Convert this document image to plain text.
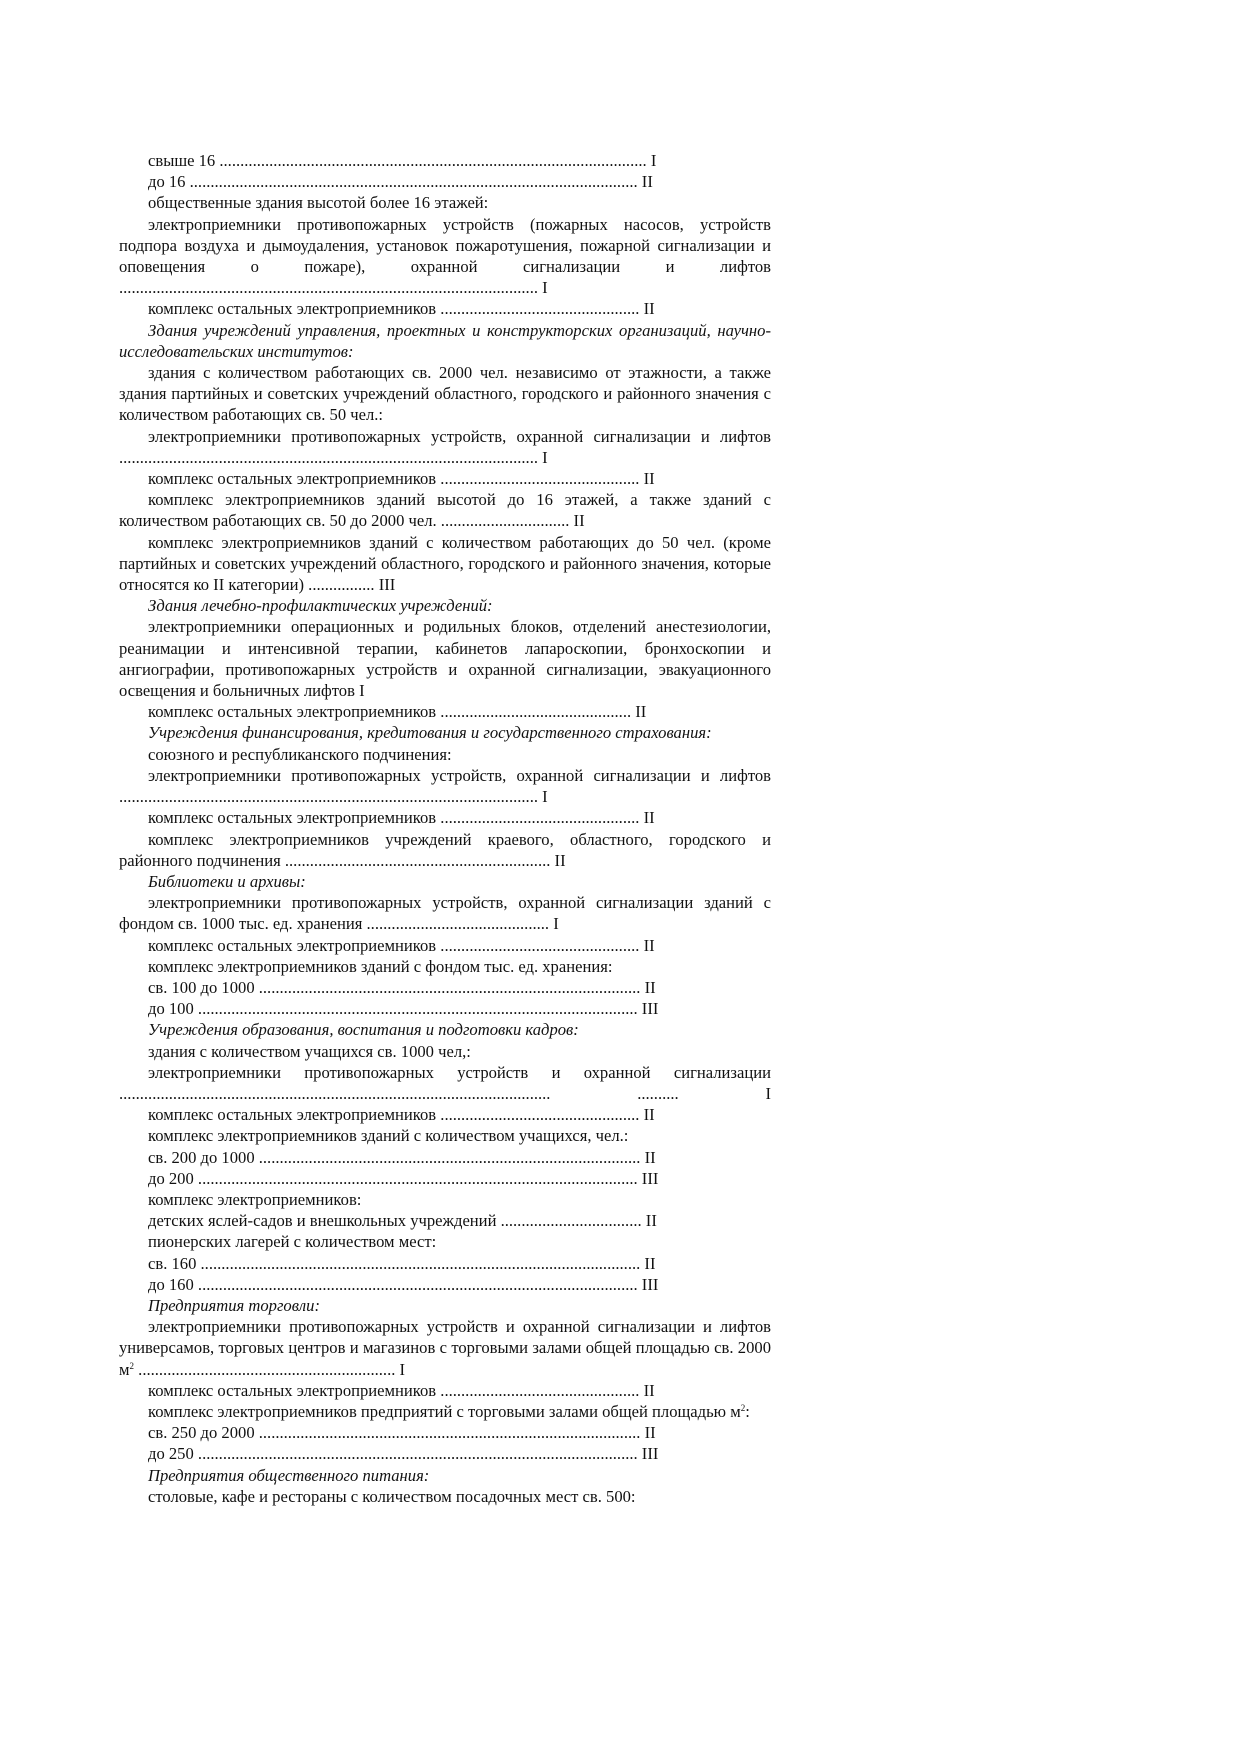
свыше 16 ....................................................................................................... I

до 16 ............................................................................................................ II

общественные здания высотой более 16 этажей:

электроприемники противопожарных устройств (пожарных насосов, устройств подпора воздуха и дымоудаления, установок пожаротушения, пожарной сигнализации и оповещения о пожаре), охранной сигнализации и лифтов ..................................................................................................... I

комплекс остальных электроприемников ................................................ II

Здания учреждений управления, проектных и конструкторских организаций, научно-исследовательских институтов:

здания с количеством работающих св. 2000 чел. независимо от этажности, а также здания партийных и советских учреждений областного, городского и районного значения с количеством работающих св. 50 чел.:

электроприемники противопожарных устройств, охранной сигнализации и лифтов ..................................................................................................... I

комплекс остальных электроприемников ................................................ II

комплекс электроприемников зданий высотой до 16 этажей, а также зданий с количеством работающих св. 50 до 2000 чел. ............................... II

комплекс электроприемников зданий с количеством работающих до 50 чел. (кроме партийных и советских учреждений областного, городского и районного значения, которые относятся ко II категории) ................ III

Здания лечебно-профилактических учреждений:

электроприемники операционных и родильных блоков, отделений анестезиологии, реанимации и интенсивной терапии, кабинетов лапароскопии, бронхоскопии и ангиографии, противопожарных устройств и охранной сигнализации, эвакуационного освещения и больничных лифтов I

комплекс остальных электроприемников .............................................. II

Учреждения финансирования, кредитования и государственного страхования:

союзного и республиканского подчинения:

электроприемники противопожарных устройств, охранной сигнализации и лифтов ..................................................................................................... I

комплекс остальных электроприемников ................................................ II

комплекс электроприемников учреждений краевого, областного, городского и районного подчинения ................................................................ II

Библиотеки и архивы:

электроприемники противопожарных устройств, охранной сигнализации зданий с фондом св. 1000 тыс. ед. хранения ............................................ I

комплекс остальных электроприемников ................................................ II

комплекс электроприемников зданий с фондом тыс. ед. хранения:

св. 100 до 1000 ............................................................................................ II

до 100 .......................................................................................................... III

Учреждения образования, воспитания и подготовки кадров:

здания с количеством учащихся св. 1000 чел,:

электроприемники противопожарных устройств и охранной сигнализации ........................................................................................................ .......... I

комплекс остальных электроприемников ................................................ II

комплекс электроприемников зданий с количеством учащихся, чел.:

св. 200 до 1000 ............................................................................................ II

до 200 .......................................................................................................... III

комплекс электроприемников:

детских яслей-садов и внешкольных учреждений .................................. II

пионерских лагерей с количеством мест:

св. 160 .......................................................................................................... II

до 160 .......................................................................................................... III

Предприятия торговли:

электроприемники противопожарных устройств и охранной сигнализации и лифтов универсамов, торговых центров и магазинов с торговыми залами общей площадью св. 2000 $м^2$ .............................................................. I

комплекс остальных электроприемников ................................................ II

комплекс электроприемников предприятий с торговыми залами общей площадью $м^2$:

св. 250 до 2000 ............................................................................................ II

до 250 .......................................................................................................... III

Предприятия общественного питания:

столовые, кафе и рестораны с количеством посадочных мест св. 500:
